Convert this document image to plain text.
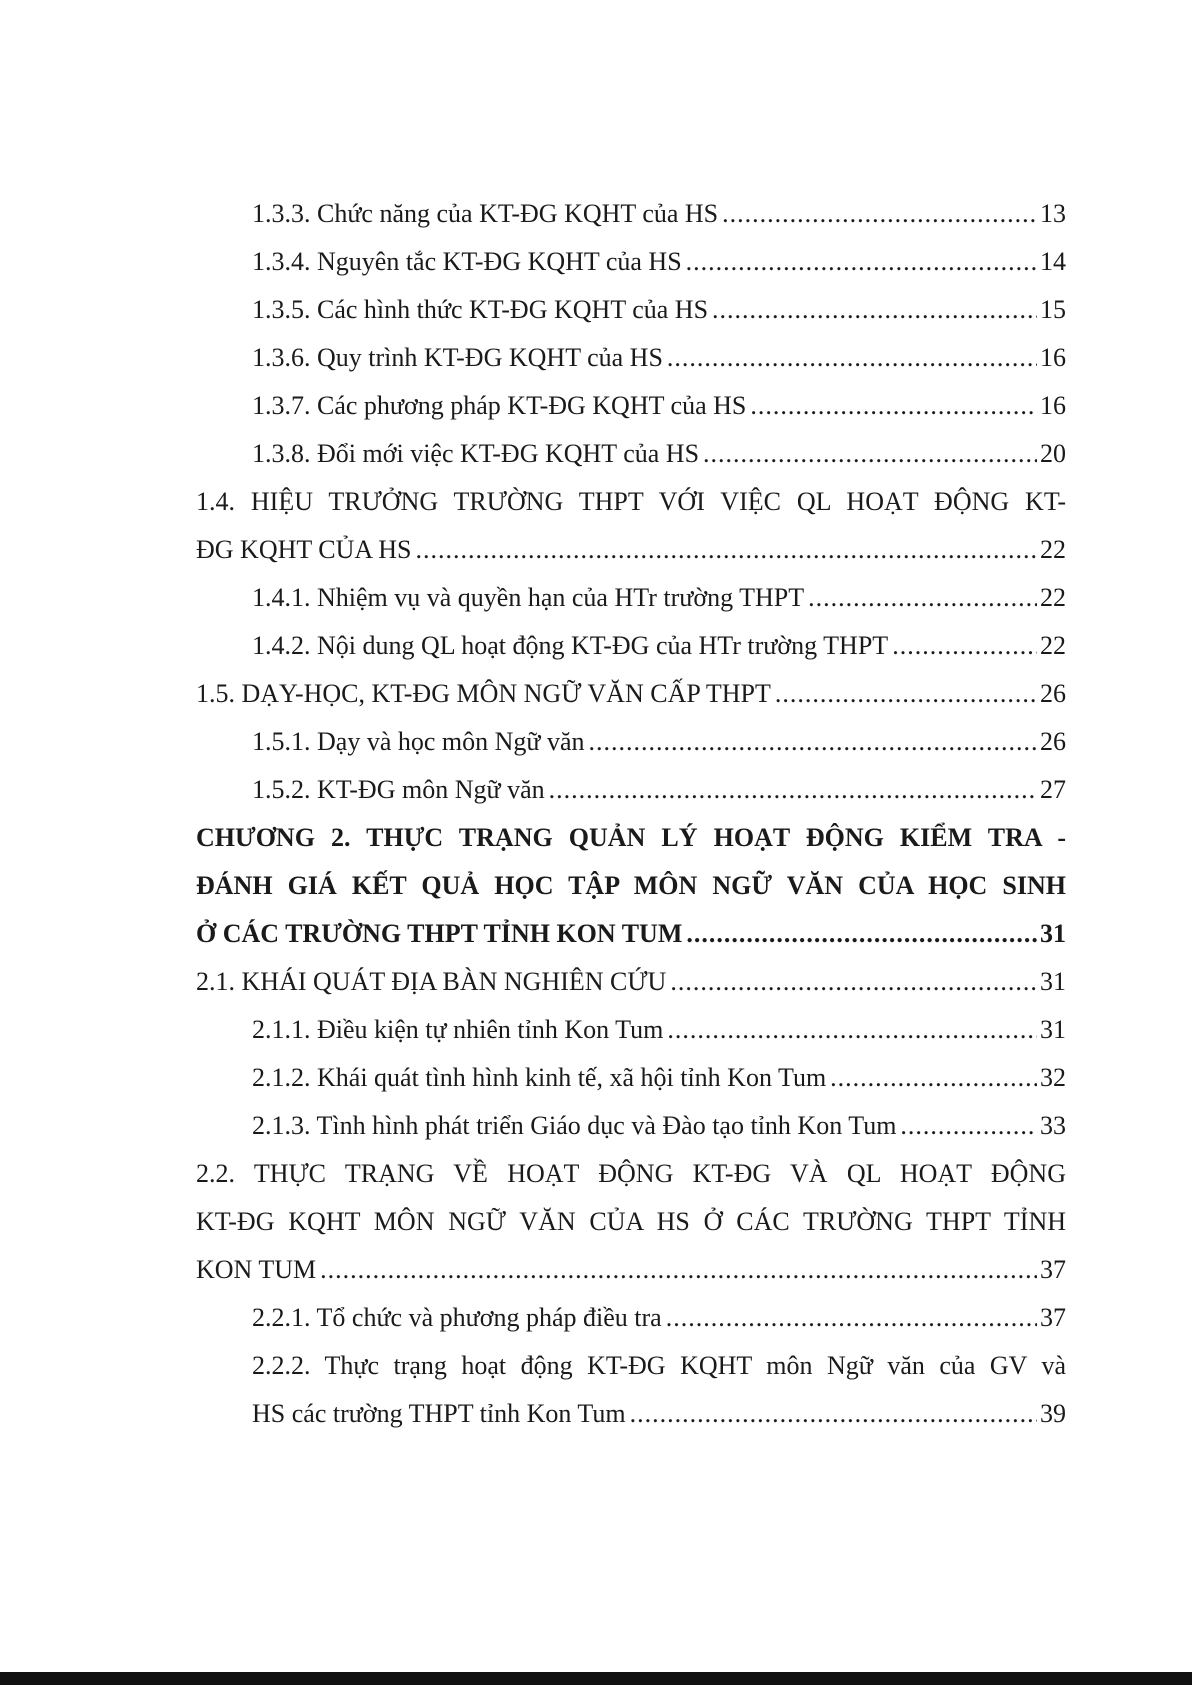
1.3.3. Chức năng của KT-ĐG KQHT của HS .....	13
1.3.4. Nguyên tắc KT-ĐG KQHT của HS .....	14
1.3.5. Các hình thức KT-ĐG KQHT của HS .....	15
1.3.6. Quy trình KT-ĐG KQHT của HS .....	16
1.3.7. Các phương pháp KT-ĐG KQHT của HS .....	16
1.3.8. Đổi mới việc KT-ĐG KQHT của HS .....	20
1.4. HIỆU TRƯỞNG TRƯỜNG THPT VỚI VIỆC QL HOẠT ĐỘNG KT-
ĐG KQHT CỦA HS .....	22
1.4.1. Nhiệm vụ và quyền hạn của HTr trường THPT .....	22
1.4.2. Nội dung QL hoạt động KT-ĐG của HTr trường THPT .....	22
1.5. DẠY-HỌC, KT-ĐG MÔN NGỮ VĂN CẤP THPT .....	26
1.5.1. Dạy và học môn Ngữ văn .....	26
1.5.2. KT-ĐG môn Ngữ văn .....	27
CHƯƠNG 2. THỰC TRẠNG QUẢN LÝ HOẠT ĐỘNG KIỂM TRA -
ĐÁNH GIÁ KẾT QUẢ HỌC TẬP MÔN NGỮ VĂN CỦA HỌC SINH
Ở CÁC TRƯỜNG THPT TỈNH KON TUM .....	31
2.1. KHÁI QUÁT ĐỊA BÀN NGHIÊN CỨU .....	31
2.1.1. Điều kiện tự nhiên tỉnh Kon Tum .....	31
2.1.2. Khái quát tình hình kinh tế, xã hội tỉnh Kon Tum .....	32
2.1.3. Tình hình phát triển Giáo dục và Đào tạo tỉnh Kon Tum .....	33
2.2. THỰC TRẠNG VỀ HOẠT ĐỘNG KT-ĐG VÀ QL HOẠT ĐỘNG
KT-ĐG KQHT MÔN NGỮ VĂN CỦA HS Ở CÁC TRƯỜNG THPT TỈNH
KON TUM .....	37
2.2.1. Tổ chức và phương pháp điều tra .....	37
2.2.2. Thực trạng hoạt động KT-ĐG KQHT môn Ngữ văn của GV và
HS các trường THPT tỉnh Kon Tum .....	39
